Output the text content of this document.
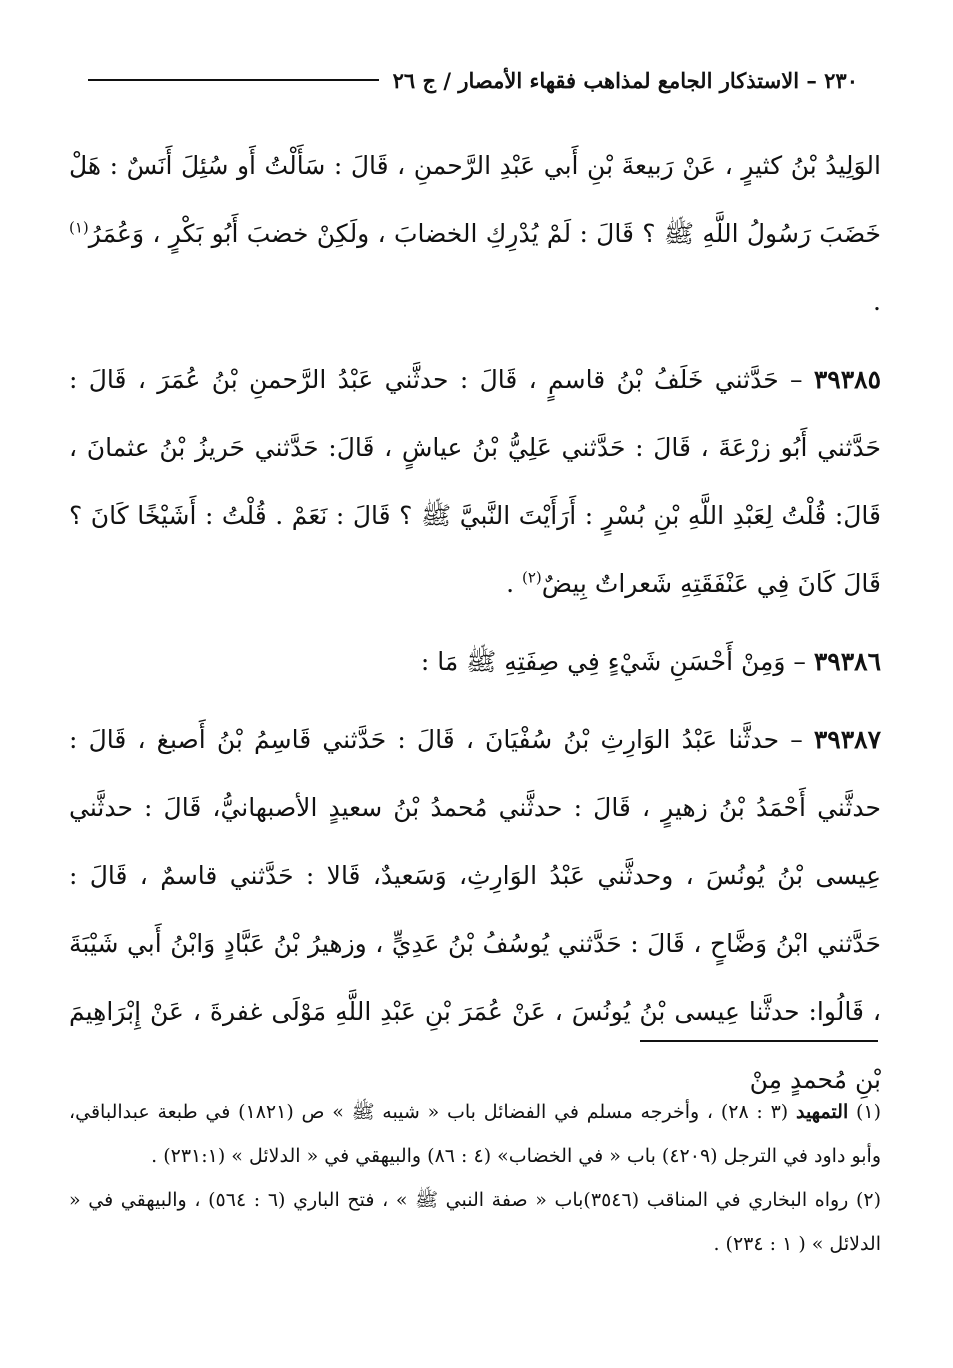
٢٣٠ – الاستذكار الجامع لمذاهب فقهاء الأمصار / ج ٢٦

الوَلِيدُ بْنُ كثيرٍ ، عَنْ رَبيعةَ بْنِ أَبي عَبْدِ الرَّحمنِ ، قَالَ : سَأَلْتُ أَو سُئِلَ أَنَسٌ : هَلْ خَضَبَ رَسُولُ اللَّهِ ﷺ ؟ قَالَ : لَمْ يُدْرِكِ الخضابَ ، ولَكِنْ خضبَ أَبُو بَكْرٍ ، وَعُمَرُ$^{(١)}$ .

٣٩٣٨٥ – حَدَّثني خَلَفُ بْنُ قاسمٍ ، قَالَ : حدثَّني عَبْدُ الرَّحمنِ بْنُ عُمَرَ ، قَالَ : حَدَّثني أَبُو زرْعَةَ ، قَالَ : حَدَّثني عَلِيُّ بْنُ عياشٍ ، قَالَ: حَدَّثني حَريزُ بْنُ عثمانَ ، قَالَ: قُلْتُ لِعَبْدِ اللَّهِ بْنِ بُسْرٍ : أَرَأَيْتَ النَّبيَّ ﷺ ؟ قَالَ : نَعَمْ . قُلْتُ : أَشَيْخًا كَانَ ؟ قَالَ كَانَ فِي عَنْفَقَتِهِ شَعراتٌ بِيضٌ$^{(٢)}$ .

٣٩٣٨٦ – وَمِنْ أَحْسَنِ شَيْءٍ فِي صِفَتِهِ ﷺ مَا :

٣٩٣٨٧ – حدثَّنا عَبْدُ الوَارِثِ بْنُ سُفْيَانَ ، قَالَ : حَدَّثني قَاسِمُ بْنُ أَصبغ ، قَالَ : حدثَّني أَحْمَدُ بْنُ زهيرٍ ، قَالَ : حدثَّني مُحمدُ بْنُ سعيدٍ الأصبهانيُّ، قَالَ : حدثَّني عِيسى بْنُ يُونُسَ ، وحدثَّني عَبْدُ الوَارِثِ، وَسَعيدٌ، قَالا : حَدَّثني قاسمٌ ، قَالَ : حَدَّثني ابْنُ وَضَّاحٍ ، قَالَ : حَدَّثني يُوسُفُ بْنُ عَدِيٍّ ، وزهيرُ بْنُ عَبَّادٍ وَابْنُ أَبي شَيْبَةَ ، قَالُوا: حدثَّنا عِيسى بْنُ يُونُسَ ، عَنْ عُمَرَ بْنِ عَبْدِ اللَّهِ مَوْلَى غفرةَ ، عَنْ إِبْرَاهِيمَ بْنِ مُحمدٍ مِنْ

(١) التمهيد (٣ : ٢٨) ، وأخرجه مسلم في الفضائل باب « شيبه ﷺ » ص (١٨٢١) في طبعة عبدالباقي، وأبو داود في الترجل (٤٢٠٩) باب « في الخضاب» (٤ : ٨٦) والبيهقي في « الدلائل » (٢٣١:١) .

(٢) رواه البخاري في المناقب (٣٥٤٦)باب « صفة النبي ﷺ » ، فتح الباري (٦ : ٥٦٤) ، والبيهقي في « الدلائل » ( ١ : ٢٣٤) .
